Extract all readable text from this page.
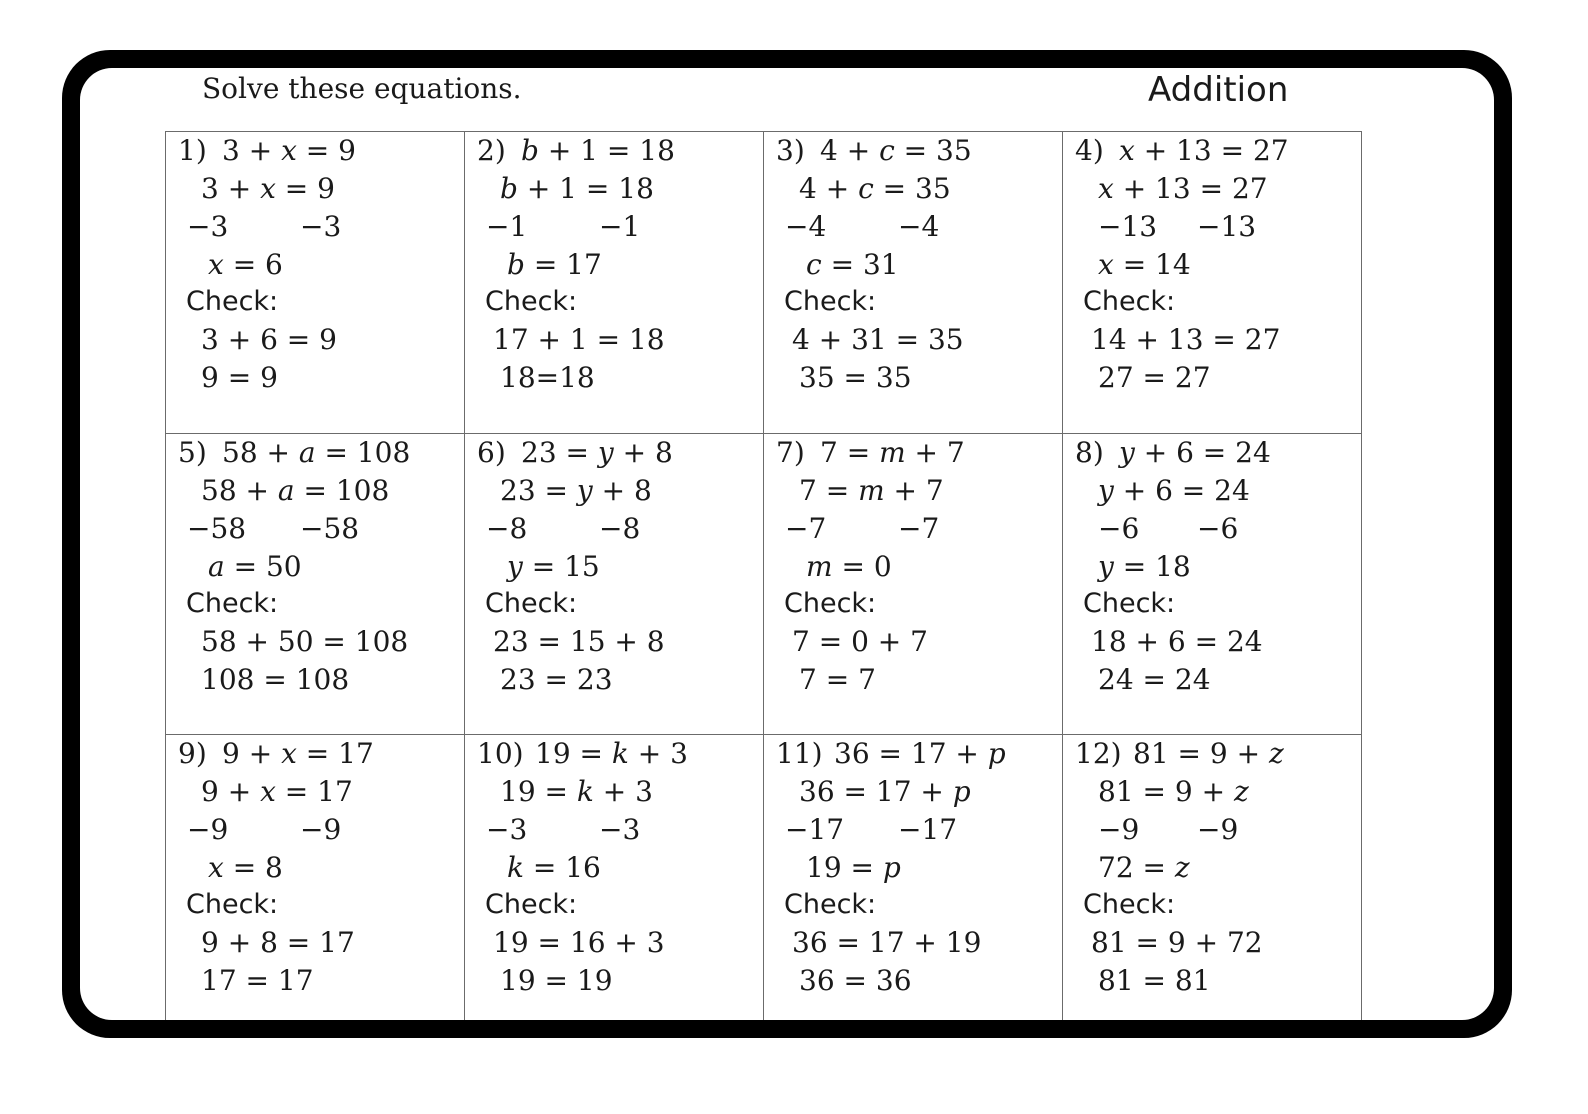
Solve these equations.	Addition
1) 3 + 𝑥 = 9
3 + 𝑥 = 9
−3	−3
𝑥 = 6
Check:
3 + 6 = 9
9 = 9
2) 𝑏 + 1 = 18
𝑏 + 1 = 18
−1	−1
𝑏 = 17
Check:
17 + 1 = 18
18=18
3) 4 + 𝑐 = 35
4 + 𝑐 = 35
−4	−4
𝑐 = 31
Check:
4 + 31 = 35
35 = 35
4) 𝑥 + 13 = 27
𝑥 + 13 = 27
−13 −13
𝑥 = 14
Check:
14 + 13 = 27
27 = 27
5) 58 + 𝑎 = 108
58 + 𝑎 = 108
−58 −58
𝑎 = 50
Check:
58 + 50 = 108
108 = 108
6) 23 = 𝑦 + 8
23 = 𝑦 + 8
−8	−8
𝑦 = 15
Check:
23 = 15 + 8
23 = 23
7) 7 = 𝑚 + 7
7 = 𝑚 + 7
−7	−7
𝑚 = 0
Check:
7 = 0 + 7
7 = 7
8) 𝑦 + 6 = 24
𝑦 + 6 = 24
−6 −6
𝑦 = 18
Check:
18 + 6 = 24
24 = 24
9) 9 + 𝑥 = 17
9 + 𝑥 = 17
−9	−9
𝑥 = 8
Check:
9 + 8 = 17
17 = 17
10) 19 = 𝑘 + 3
19 = 𝑘 + 3
−3	−3
𝑘 = 16
Check:
19 = 16 + 3
19 = 19
11) 36 = 17 + 𝑝
36 = 17 + 𝑝
−17 −17
19 = 𝑝
Check:
36 = 17 + 19
36 = 36
12) 81 = 9 + 𝑧
81 = 9 + 𝑧
−9 −9
72 = 𝑧
Check:
81 = 9 + 72
81 = 81
